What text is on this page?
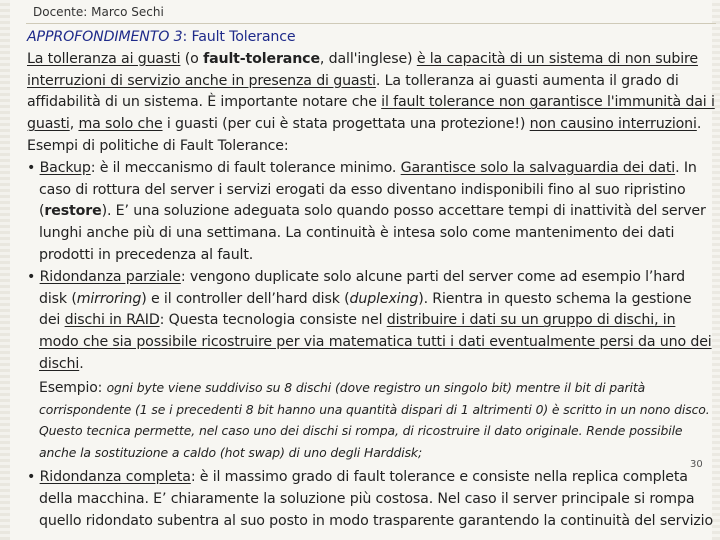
Docente: Marco Sechi

APPROFONDIMENTO 3: Fault Tolerance

La tolleranza ai guasti (o fault-tolerance, dall'inglese) è la capacità di un sistema di non subire interruzioni di servizio anche in presenza di guasti. La tolleranza ai guasti aumenta il grado di affidabilità di un sistema. È importante notare che il fault tolerance non garantisce l'immunità dai i guasti, ma solo che i guasti (per cui è stata progettata una protezione!) non causino interruzioni. Esempi di politiche di Fault Tolerance:

• Backup: è il meccanismo di fault tolerance minimo. Garantisce solo la salvaguardia dei dati. In caso di rottura del server i servizi erogati da esso diventano indisponibili fino al suo ripristino (restore). E’ una soluzione adeguata solo quando posso accettare tempi di inattività del server lunghi anche più di una settimana. La continuità è intesa solo come mantenimento dei dati prodotti in precedenza al fault.

• Ridondanza parziale: vengono duplicate solo alcune parti del server come ad esempio l’hard disk (mirroring) e il controller dell’hard disk (duplexing). Rientra in questo schema la gestione dei dischi in RAID: Questa tecnologia consiste nel distribuire i dati su un gruppo di dischi, in modo che sia possibile ricostruire per via matematica tutti i dati eventualmente persi da uno dei dischi.

Esempio: ogni byte viene suddiviso su 8 dischi (dove registro un singolo bit) mentre il bit di parità corrispondente (1 se i precedenti 8 bit hanno una quantità dispari di 1 altrimenti 0) è scritto in un nono disco. Questo tecnica permette, nel caso uno dei dischi si rompa, di ricostruire il dato originale. Rende possibile anche la sostituzione a caldo (hot swap) di uno degli Harddisk;

• Ridondanza completa: è il massimo grado di fault tolerance e consiste nella replica completa della macchina. E’ chiaramente la soluzione più costosa. Nel caso il server principale si rompa quello ridondato subentra al suo posto in modo trasparente garantendo la continuità del servizio

30
